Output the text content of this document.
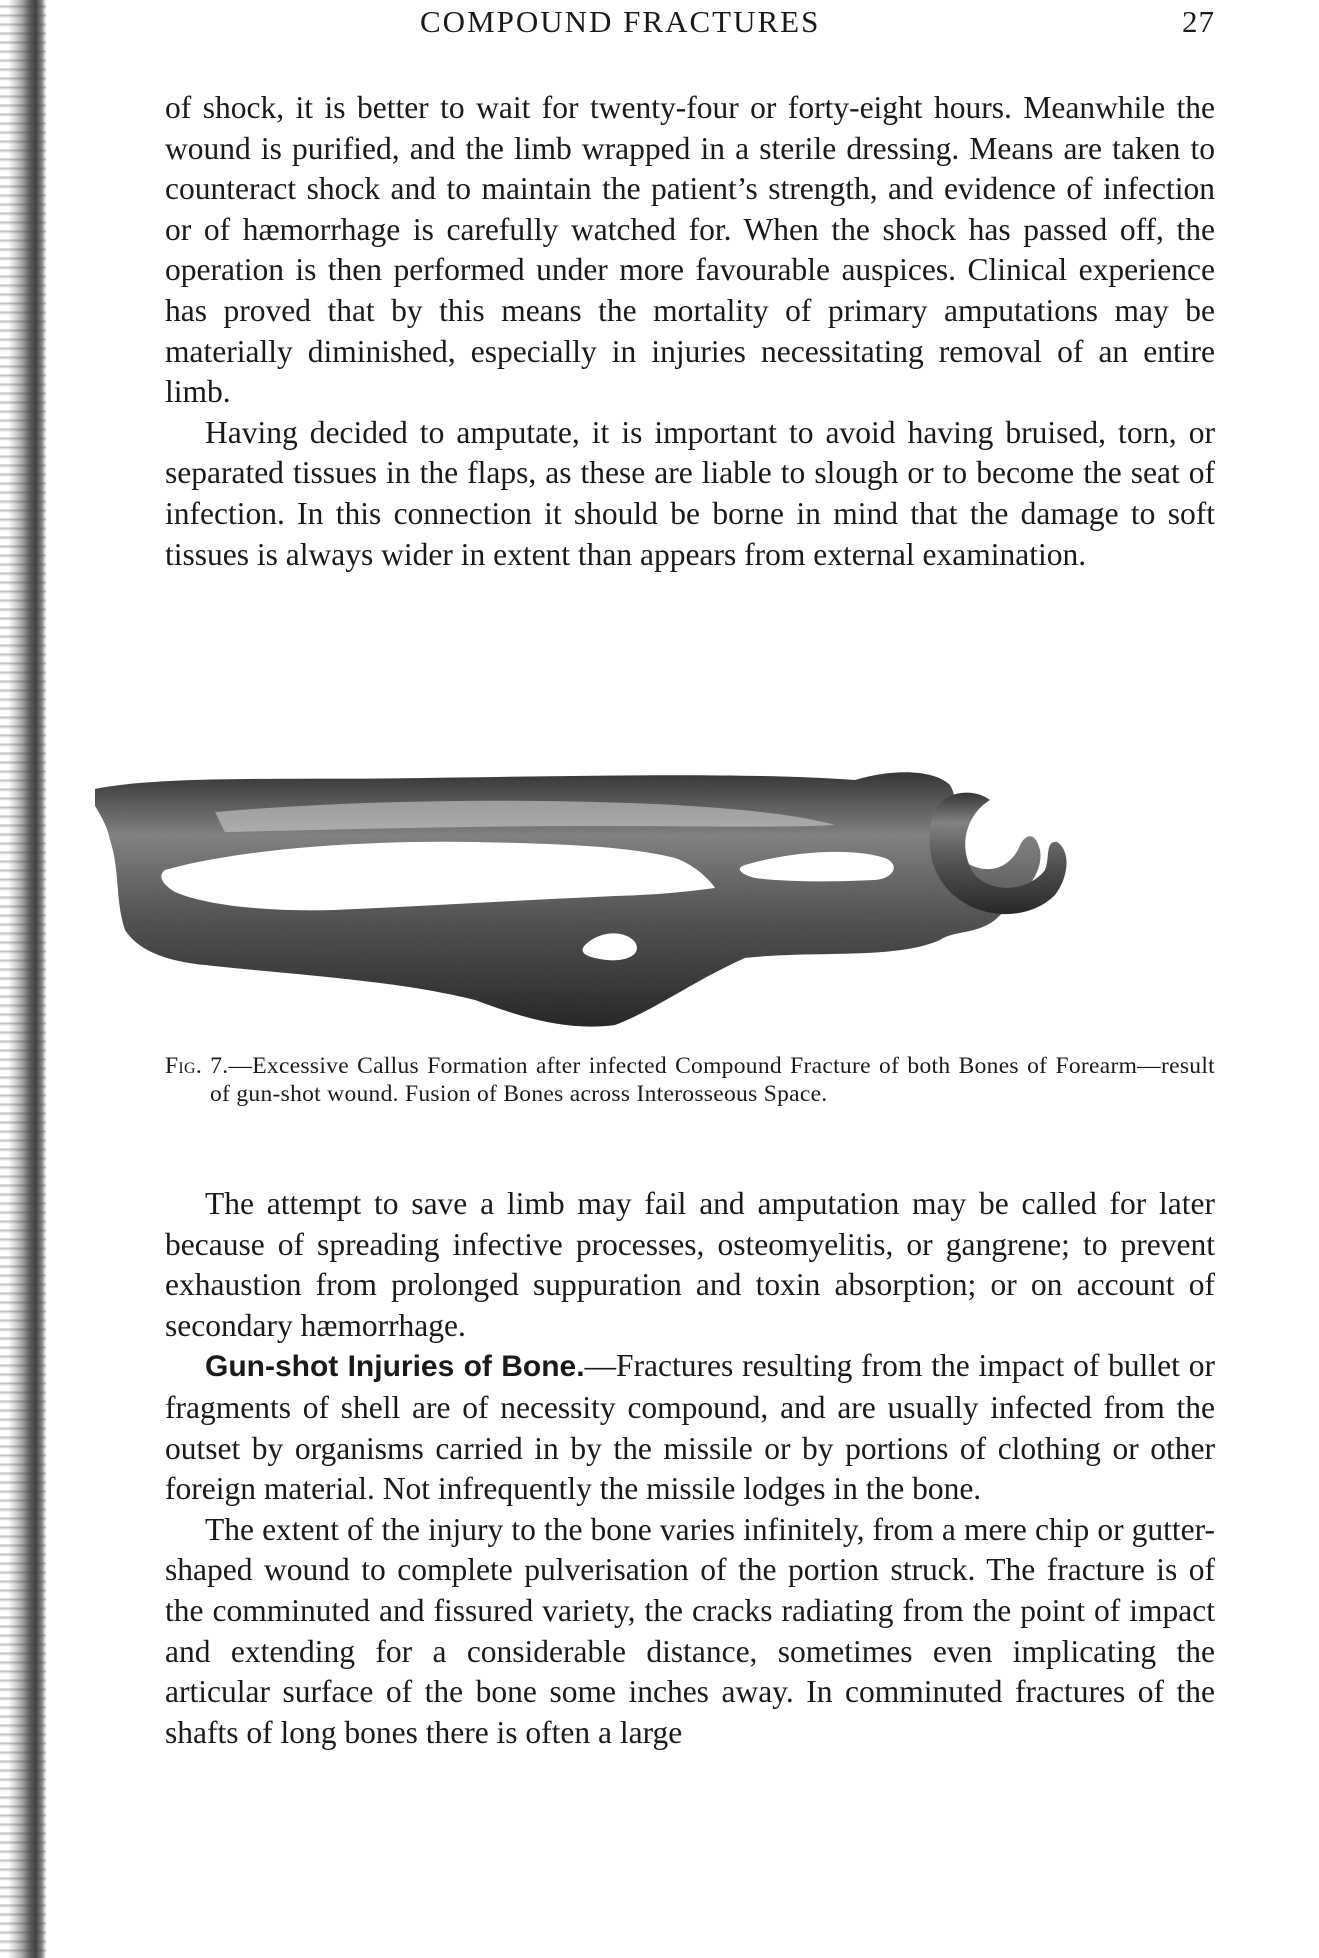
COMPOUND FRACTURES	27

of shock, it is better to wait for twenty-four or forty-eight hours. Meanwhile the wound is purified, and the limb wrapped in a sterile dressing. Means are taken to counteract shock and to maintain the patient’s strength, and evidence of infection or of hæmorrhage is carefully watched for. When the shock has passed off, the operation is then performed under more favourable auspices. Clinical experience has proved that by this means the mortality of primary amputations may be materially diminished, especially in injuries necessitating removal of an entire limb.

Having decided to amputate, it is important to avoid having bruised, torn, or separated tissues in the flaps, as these are liable to slough or to become the seat of infection. In this connection it should be borne in mind that the damage to soft tissues is always wider in extent than appears from external examination.

Fig. 7.—Excessive Callus Formation after infected Compound Fracture of both Bones of Forearm—result of gun-shot wound. Fusion of Bones across Interosseous Space.

The attempt to save a limb may fail and amputation may be called for later because of spreading infective processes, osteomyelitis, or gangrene; to prevent exhaustion from prolonged suppuration and toxin absorption; or on account of secondary hæmorrhage.

Gun-shot Injuries of Bone.—Fractures resulting from the impact of bullet or fragments of shell are of necessity compound, and are usually infected from the outset by organisms carried in by the missile or by portions of clothing or other foreign material. Not infrequently the missile lodges in the bone.

The extent of the injury to the bone varies infinitely, from a mere chip or gutter-shaped wound to complete pulverisation of the portion struck. The fracture is of the comminuted and fissured variety, the cracks radiating from the point of impact and extending for a considerable distance, sometimes even implicating the articular surface of the bone some inches away. In comminuted fractures of the shafts of long bones there is often a large
